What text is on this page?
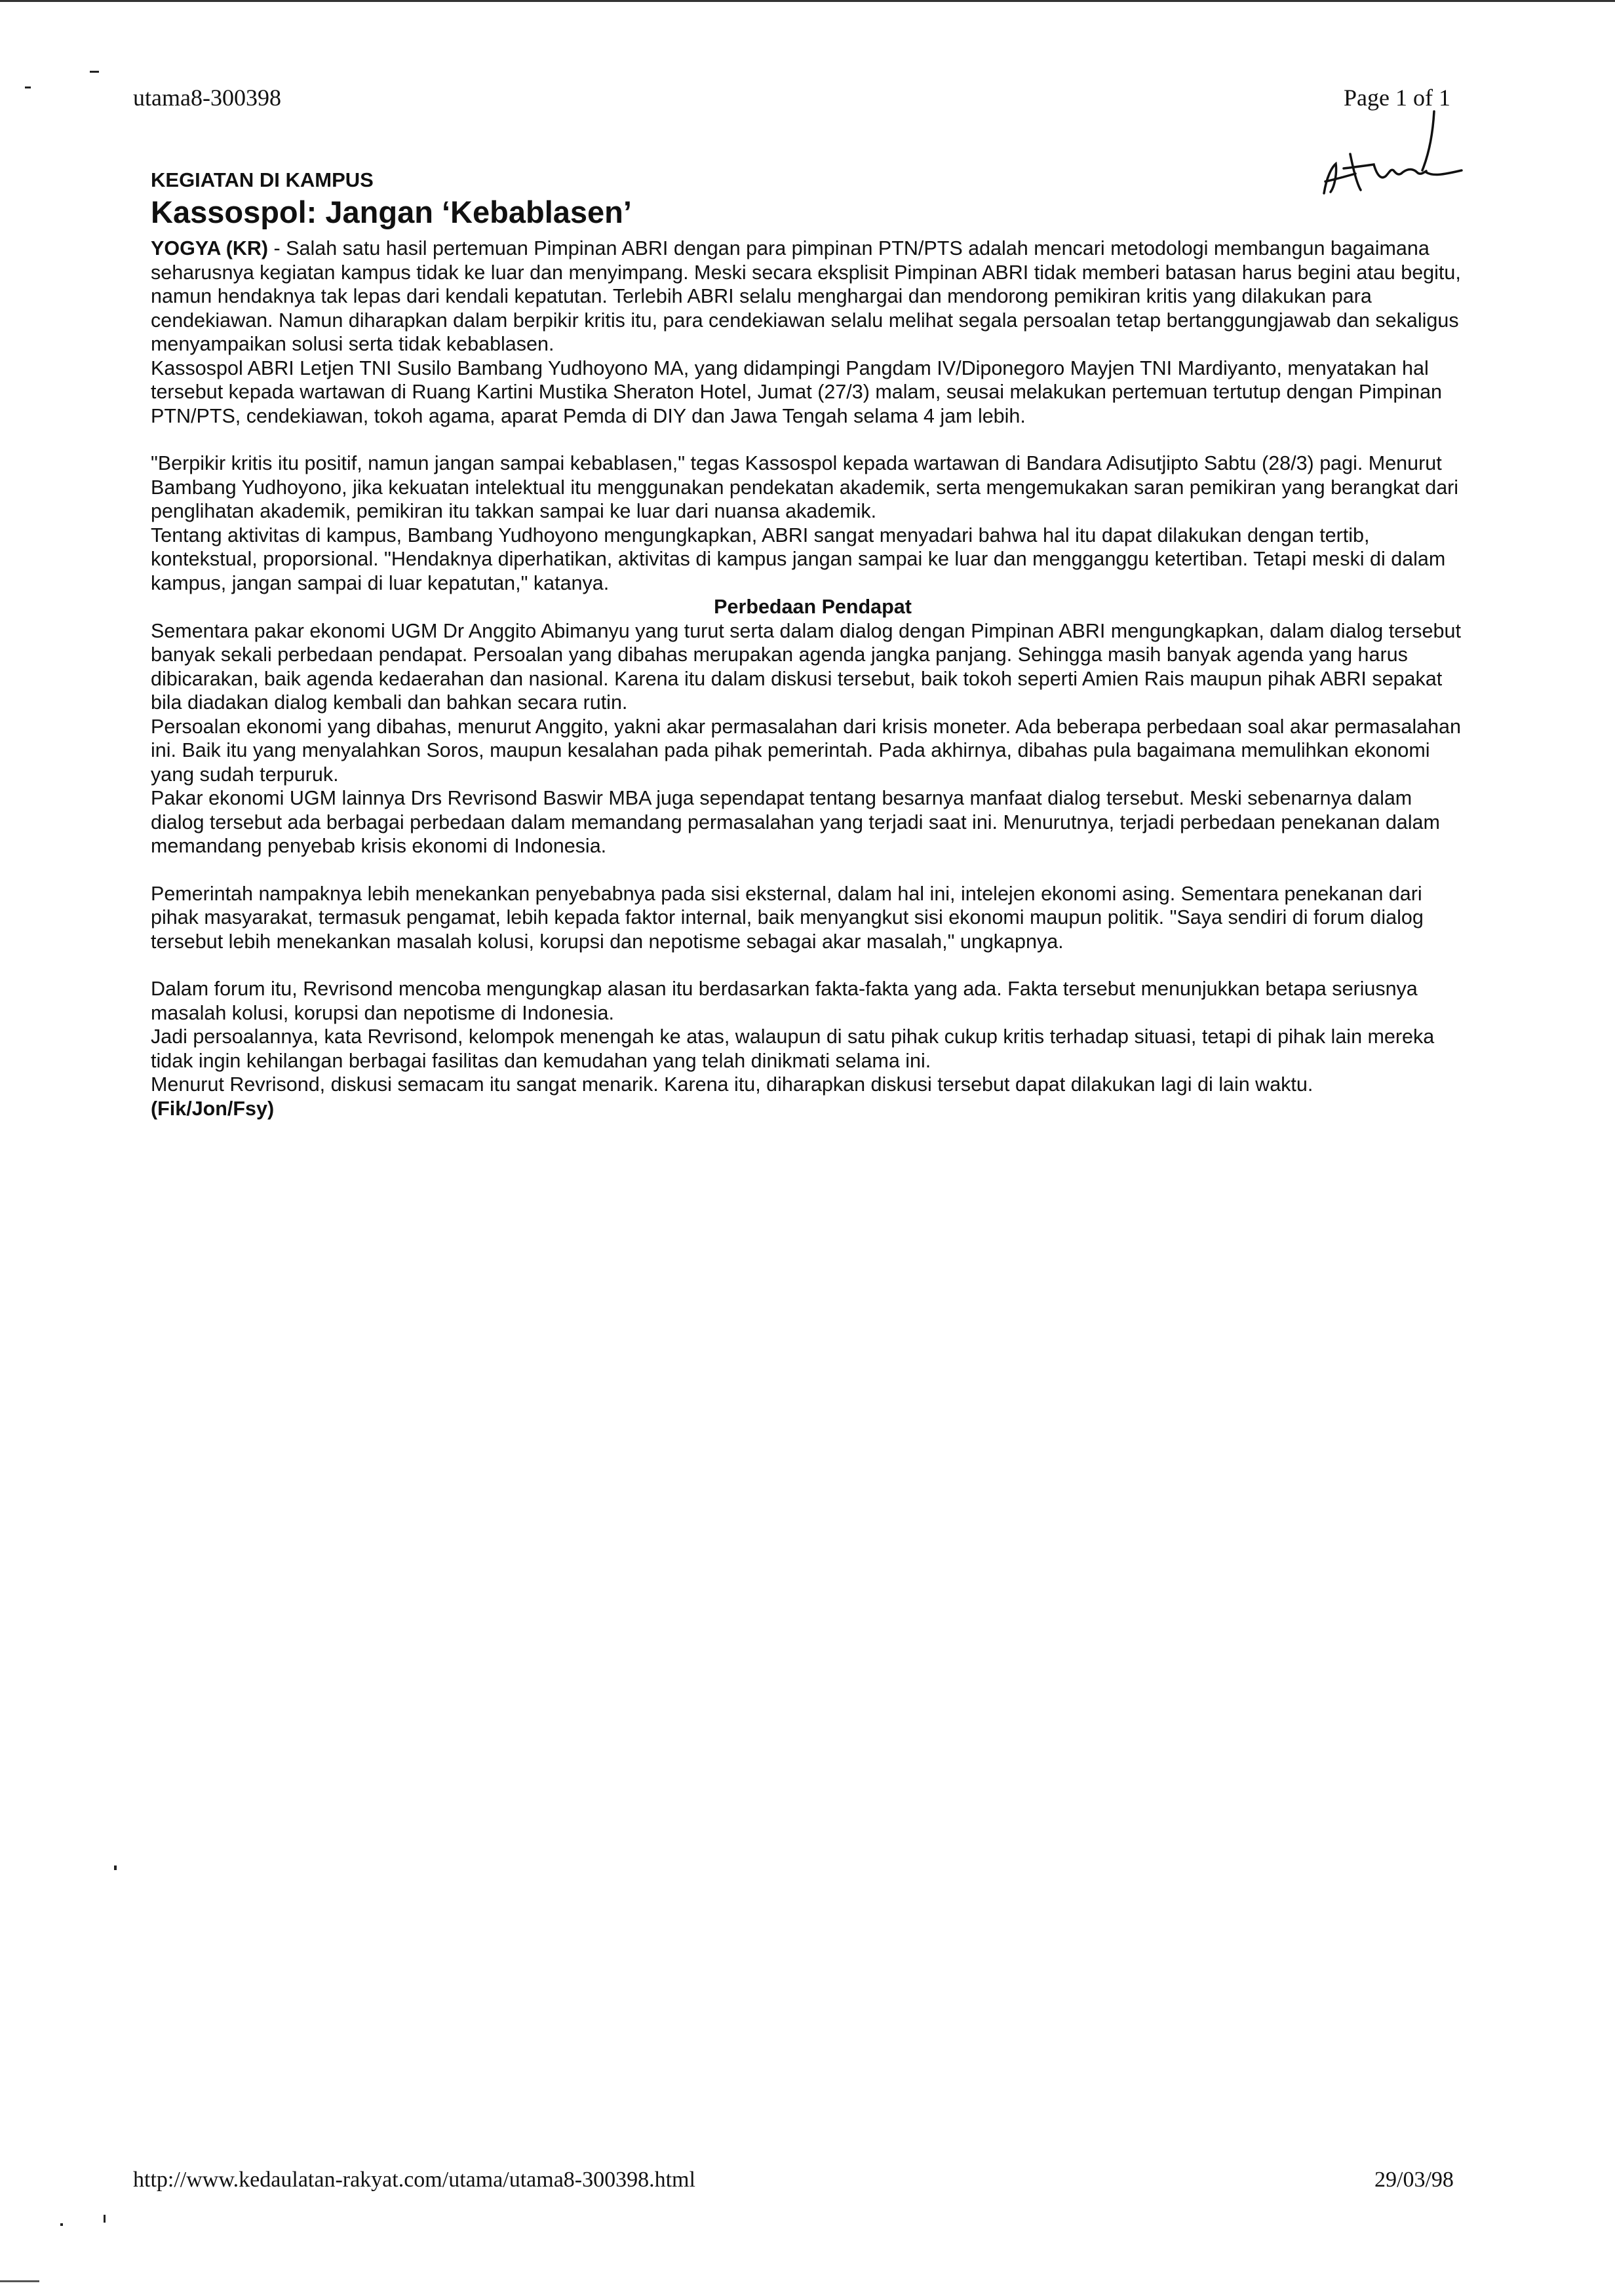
utama8-300398	Page 1 of 1

KEGIATAN DI KAMPUS

Kassospol: Jangan ‘Kebablasen’

YOGYA (KR) - Salah satu hasil pertemuan Pimpinan ABRI dengan para pimpinan PTN/PTS adalah mencari metodologi membangun bagaimana seharusnya kegiatan kampus tidak ke luar dan menyimpang. Meski secara eksplisit Pimpinan ABRI tidak memberi batasan harus begini atau begitu, namun hendaknya tak lepas dari kendali kepatutan. Terlebih ABRI selalu menghargai dan mendorong pemikiran kritis yang dilakukan para cendekiawan. Namun diharapkan dalam berpikir kritis itu, para cendekiawan selalu melihat segala persoalan tetap bertanggungjawab dan sekaligus menyampaikan solusi serta tidak kebablasen.

Kassospol ABRI Letjen TNI Susilo Bambang Yudhoyono MA, yang didampingi Pangdam IV/Diponegoro Mayjen TNI Mardiyanto, menyatakan hal tersebut kepada wartawan di Ruang Kartini Mustika Sheraton Hotel, Jumat (27/3) malam, seusai melakukan pertemuan tertutup dengan Pimpinan PTN/PTS, cendekiawan, tokoh agama, aparat Pemda di DIY dan Jawa Tengah selama 4 jam lebih.

"Berpikir kritis itu positif, namun jangan sampai kebablasen," tegas Kassospol kepada wartawan di Bandara Adisutjipto Sabtu (28/3) pagi. Menurut Bambang Yudhoyono, jika kekuatan intelektual itu menggunakan pendekatan akademik, serta mengemukakan saran pemikiran yang berangkat dari penglihatan akademik, pemikiran itu takkan sampai ke luar dari nuansa akademik.

Tentang aktivitas di kampus, Bambang Yudhoyono mengungkapkan, ABRI sangat menyadari bahwa hal itu dapat dilakukan dengan tertib, kontekstual, proporsional. "Hendaknya diperhatikan, aktivitas di kampus jangan sampai ke luar dan mengganggu ketertiban. Tetapi meski di dalam kampus, jangan sampai di luar kepatutan," katanya.

Perbedaan Pendapat

Sementara pakar ekonomi UGM Dr Anggito Abimanyu yang turut serta dalam dialog dengan Pimpinan ABRI mengungkapkan, dalam dialog tersebut banyak sekali perbedaan pendapat. Persoalan yang dibahas merupakan agenda jangka panjang. Sehingga masih banyak agenda yang harus dibicarakan, baik agenda kedaerahan dan nasional. Karena itu dalam diskusi tersebut, baik tokoh seperti Amien Rais maupun pihak ABRI sepakat bila diadakan dialog kembali dan bahkan secara rutin.

Persoalan ekonomi yang dibahas, menurut Anggito, yakni akar permasalahan dari krisis moneter. Ada beberapa perbedaan soal akar permasalahan ini. Baik itu yang menyalahkan Soros, maupun kesalahan pada pihak pemerintah. Pada akhirnya, dibahas pula bagaimana memulihkan ekonomi yang sudah terpuruk.

Pakar ekonomi UGM lainnya Drs Revrisond Baswir MBA juga sependapat tentang besarnya manfaat dialog tersebut. Meski sebenarnya dalam dialog tersebut ada berbagai perbedaan dalam memandang permasalahan yang terjadi saat ini. Menurutnya, terjadi perbedaan penekanan dalam memandang penyebab krisis ekonomi di Indonesia.

Pemerintah nampaknya lebih menekankan penyebabnya pada sisi eksternal, dalam hal ini, intelejen ekonomi asing. Sementara penekanan dari pihak masyarakat, termasuk pengamat, lebih kepada faktor internal, baik menyangkut sisi ekonomi maupun politik. "Saya sendiri di forum dialog tersebut lebih menekankan masalah kolusi, korupsi dan nepotisme sebagai akar masalah," ungkapnya.

Dalam forum itu, Revrisond mencoba mengungkap alasan itu berdasarkan fakta-fakta yang ada. Fakta tersebut menunjukkan betapa seriusnya masalah kolusi, korupsi dan nepotisme di Indonesia.

Jadi persoalannya, kata Revrisond, kelompok menengah ke atas, walaupun di satu pihak cukup kritis terhadap situasi, tetapi di pihak lain mereka tidak ingin kehilangan berbagai fasilitas dan kemudahan yang telah dinikmati selama ini.

Menurut Revrisond, diskusi semacam itu sangat menarik. Karena itu, diharapkan diskusi tersebut dapat dilakukan lagi di lain waktu.

(Fik/Jon/Fsy)

http://www.kedaulatan-rakyat.com/utama/utama8-300398.html	29/03/98
